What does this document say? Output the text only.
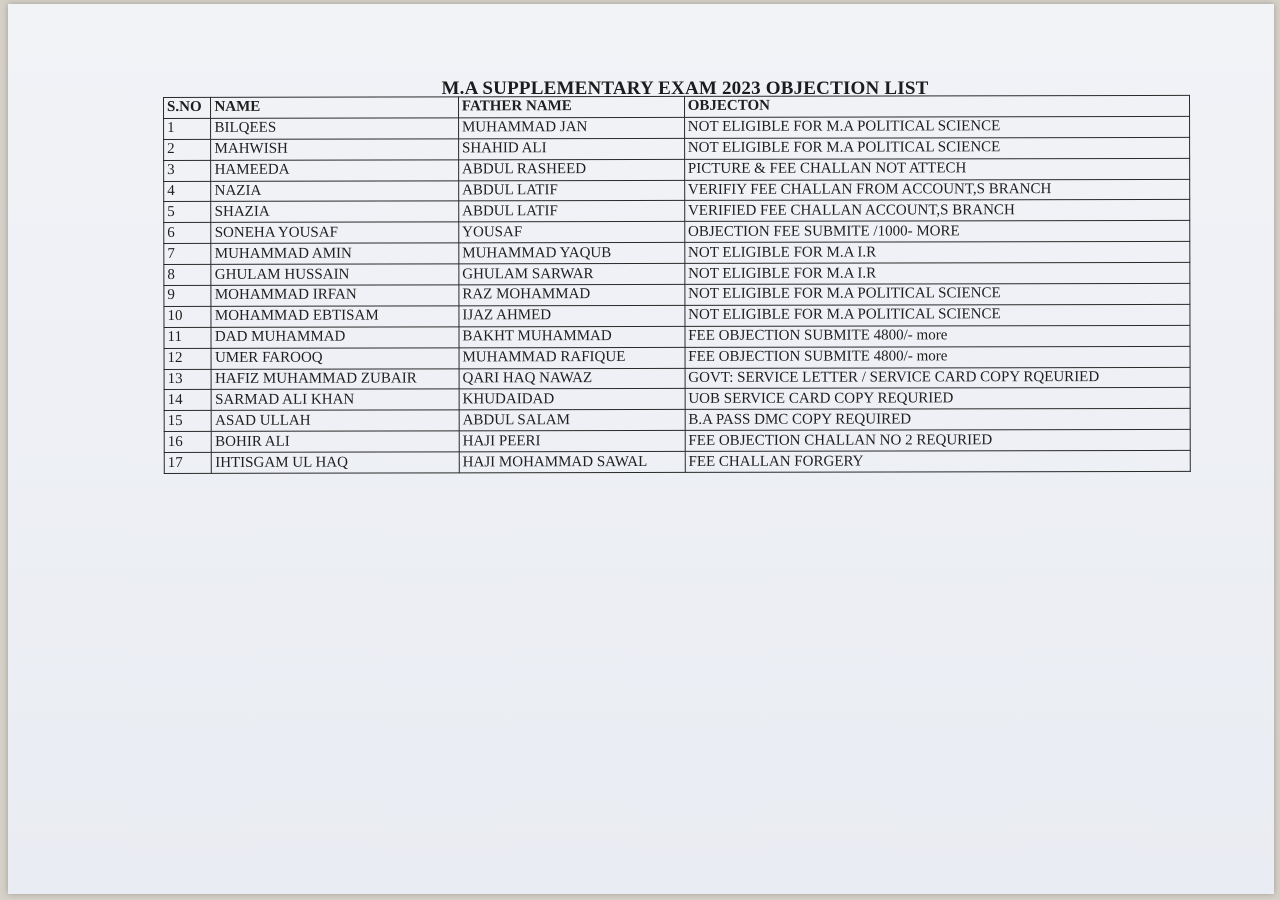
M.A SUPPLEMENTARY EXAM 2023 OBJECTION LIST
S.NO	NAME	FATHER NAME	OBJECTON
1	BILQEES	MUHAMMAD JAN	NOT ELIGIBLE FOR M.A POLITICAL SCIENCE
2	MAHWISH	SHAHID ALI	NOT ELIGIBLE FOR M.A POLITICAL SCIENCE
3	HAMEEDA	ABDUL RASHEED	PICTURE & FEE CHALLAN NOT ATTECH
4	NAZIA	ABDUL LATIF	VERIFIY FEE CHALLAN FROM ACCOUNT,S BRANCH
5	SHAZIA	ABDUL LATIF	VERIFIED FEE CHALLAN ACCOUNT,S BRANCH
6	SONEHA YOUSAF	YOUSAF	OBJECTION FEE SUBMITE /1000- MORE
7	MUHAMMAD AMIN	MUHAMMAD YAQUB	NOT ELIGIBLE FOR M.A I.R
8	GHULAM HUSSAIN	GHULAM SARWAR	NOT ELIGIBLE FOR M.A I.R
9	MOHAMMAD IRFAN	RAZ MOHAMMAD	NOT ELIGIBLE FOR M.A POLITICAL SCIENCE
10	MOHAMMAD EBTISAM	IJAZ AHMED	NOT ELIGIBLE FOR M.A POLITICAL SCIENCE
11	DAD MUHAMMAD	BAKHT MUHAMMAD	FEE OBJECTION SUBMITE 4800/- more
12	UMER FAROOQ	MUHAMMAD RAFIQUE	FEE OBJECTION SUBMITE 4800/- more
13	HAFIZ MUHAMMAD ZUBAIR	QARI HAQ NAWAZ	GOVT: SERVICE LETTER / SERVICE CARD COPY RQEURIED
14	SARMAD ALI KHAN	KHUDAIDAD	UOB SERVICE CARD COPY REQURIED
15	ASAD ULLAH	ABDUL SALAM	B.A PASS DMC COPY REQUIRED
16	BOHIR ALI	HAJI PEERI	FEE OBJECTION CHALLAN NO 2 REQURIED
17	IHTISGAM UL HAQ	HAJI MOHAMMAD SAWAL	FEE CHALLAN FORGERY
